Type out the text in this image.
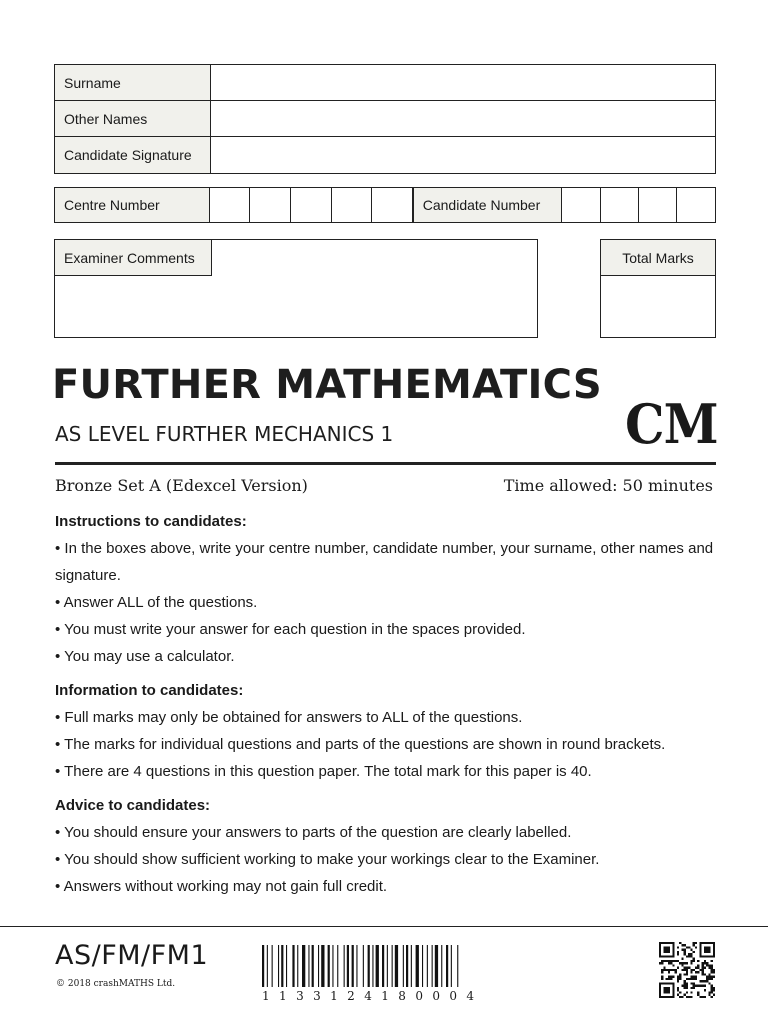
Surname
Other Names
Candidate Signature
Centre Number	Candidate Number
Examiner Comments	Total Marks
FURTHER MATHEMATICS
AS LEVEL FURTHER MECHANICS 1	CM
Bronze Set A (Edexcel Version)	Time allowed: 50 minutes
Instructions to candidates:

• In the boxes above, write your centre number, candidate number, your surname, other names and signature.

• Answer ALL of the questions.

• You must write your answer for each question in the spaces provided.

• You may use a calculator.

Information to candidates:

• Full marks may only be obtained for answers to ALL of the questions.

• The marks for individual questions and parts of the questions are shown in round brackets.

• There are 4 questions in this question paper. The total mark for this paper is 40.

Advice to candidates:

• You should ensure your answers to parts of the question are clearly labelled.

• You should show sufficient working to make your workings clear to the Examiner.

• Answers without working may not gain full credit.

AS/FM/FM1
© 2018 crashMATHS Ltd.
1133124180004
